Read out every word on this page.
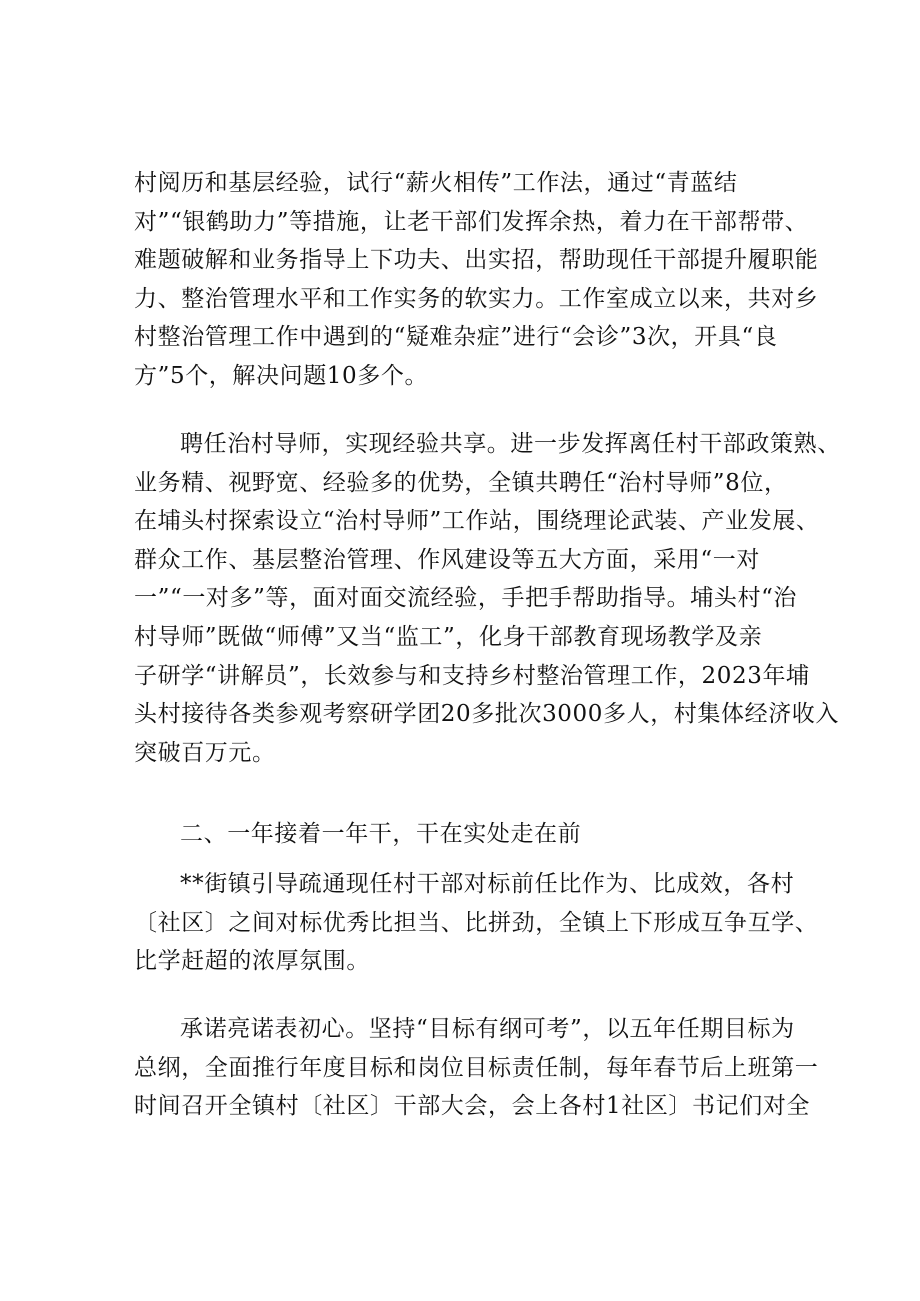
村阅历和基层经验，试行“薪火相传”工作法，通过“青蓝结
对”“银鹤助力”等措施，让老干部们发挥余热，着力在干部帮带、
难题破解和业务指导上下功夫、出实招，帮助现任干部提升履职能
力、整治管理水平和工作实务的软实力。工作室成立以来，共对乡
村整治管理工作中遇到的“疑难杂症”进行“会诊”3次，开具“良
方”5个，解决问题10多个。
聘任治村导师，实现经验共享。进一步发挥离任村干部政策熟、
业务精、视野宽、经验多的优势，全镇共聘任“治村导师”8位，
在埔头村探索设立“治村导师”工作站，围绕理论武装、产业发展、
群众工作、基层整治管理、作风建设等五大方面，采用“一对
一”“一对多”等，面对面交流经验，手把手帮助指导。埔头村“治
村导师”既做“师傅”又当“监工”，化身干部教育现场教学及亲
子研学“讲解员”，长效参与和支持乡村整治管理工作，2023年埔
头村接待各类参观考察研学团20多批次3000多人，村集体经济收入
突破百万元。
二、一年接着一年干，干在实处走在前
**街镇引导疏通现任村干部对标前任比作为、比成效，各村
〔社区〕之间对标优秀比担当、比拼劲，全镇上下形成互争互学、
比学赶超的浓厚氛围。
承诺亮诺表初心。坚持“目标有纲可考”，以五年任期目标为
总纲，全面推行年度目标和岗位目标责任制，每年春节后上班第一
时间召开全镇村〔社区〕干部大会，会上各村1社区〕书记们对全
